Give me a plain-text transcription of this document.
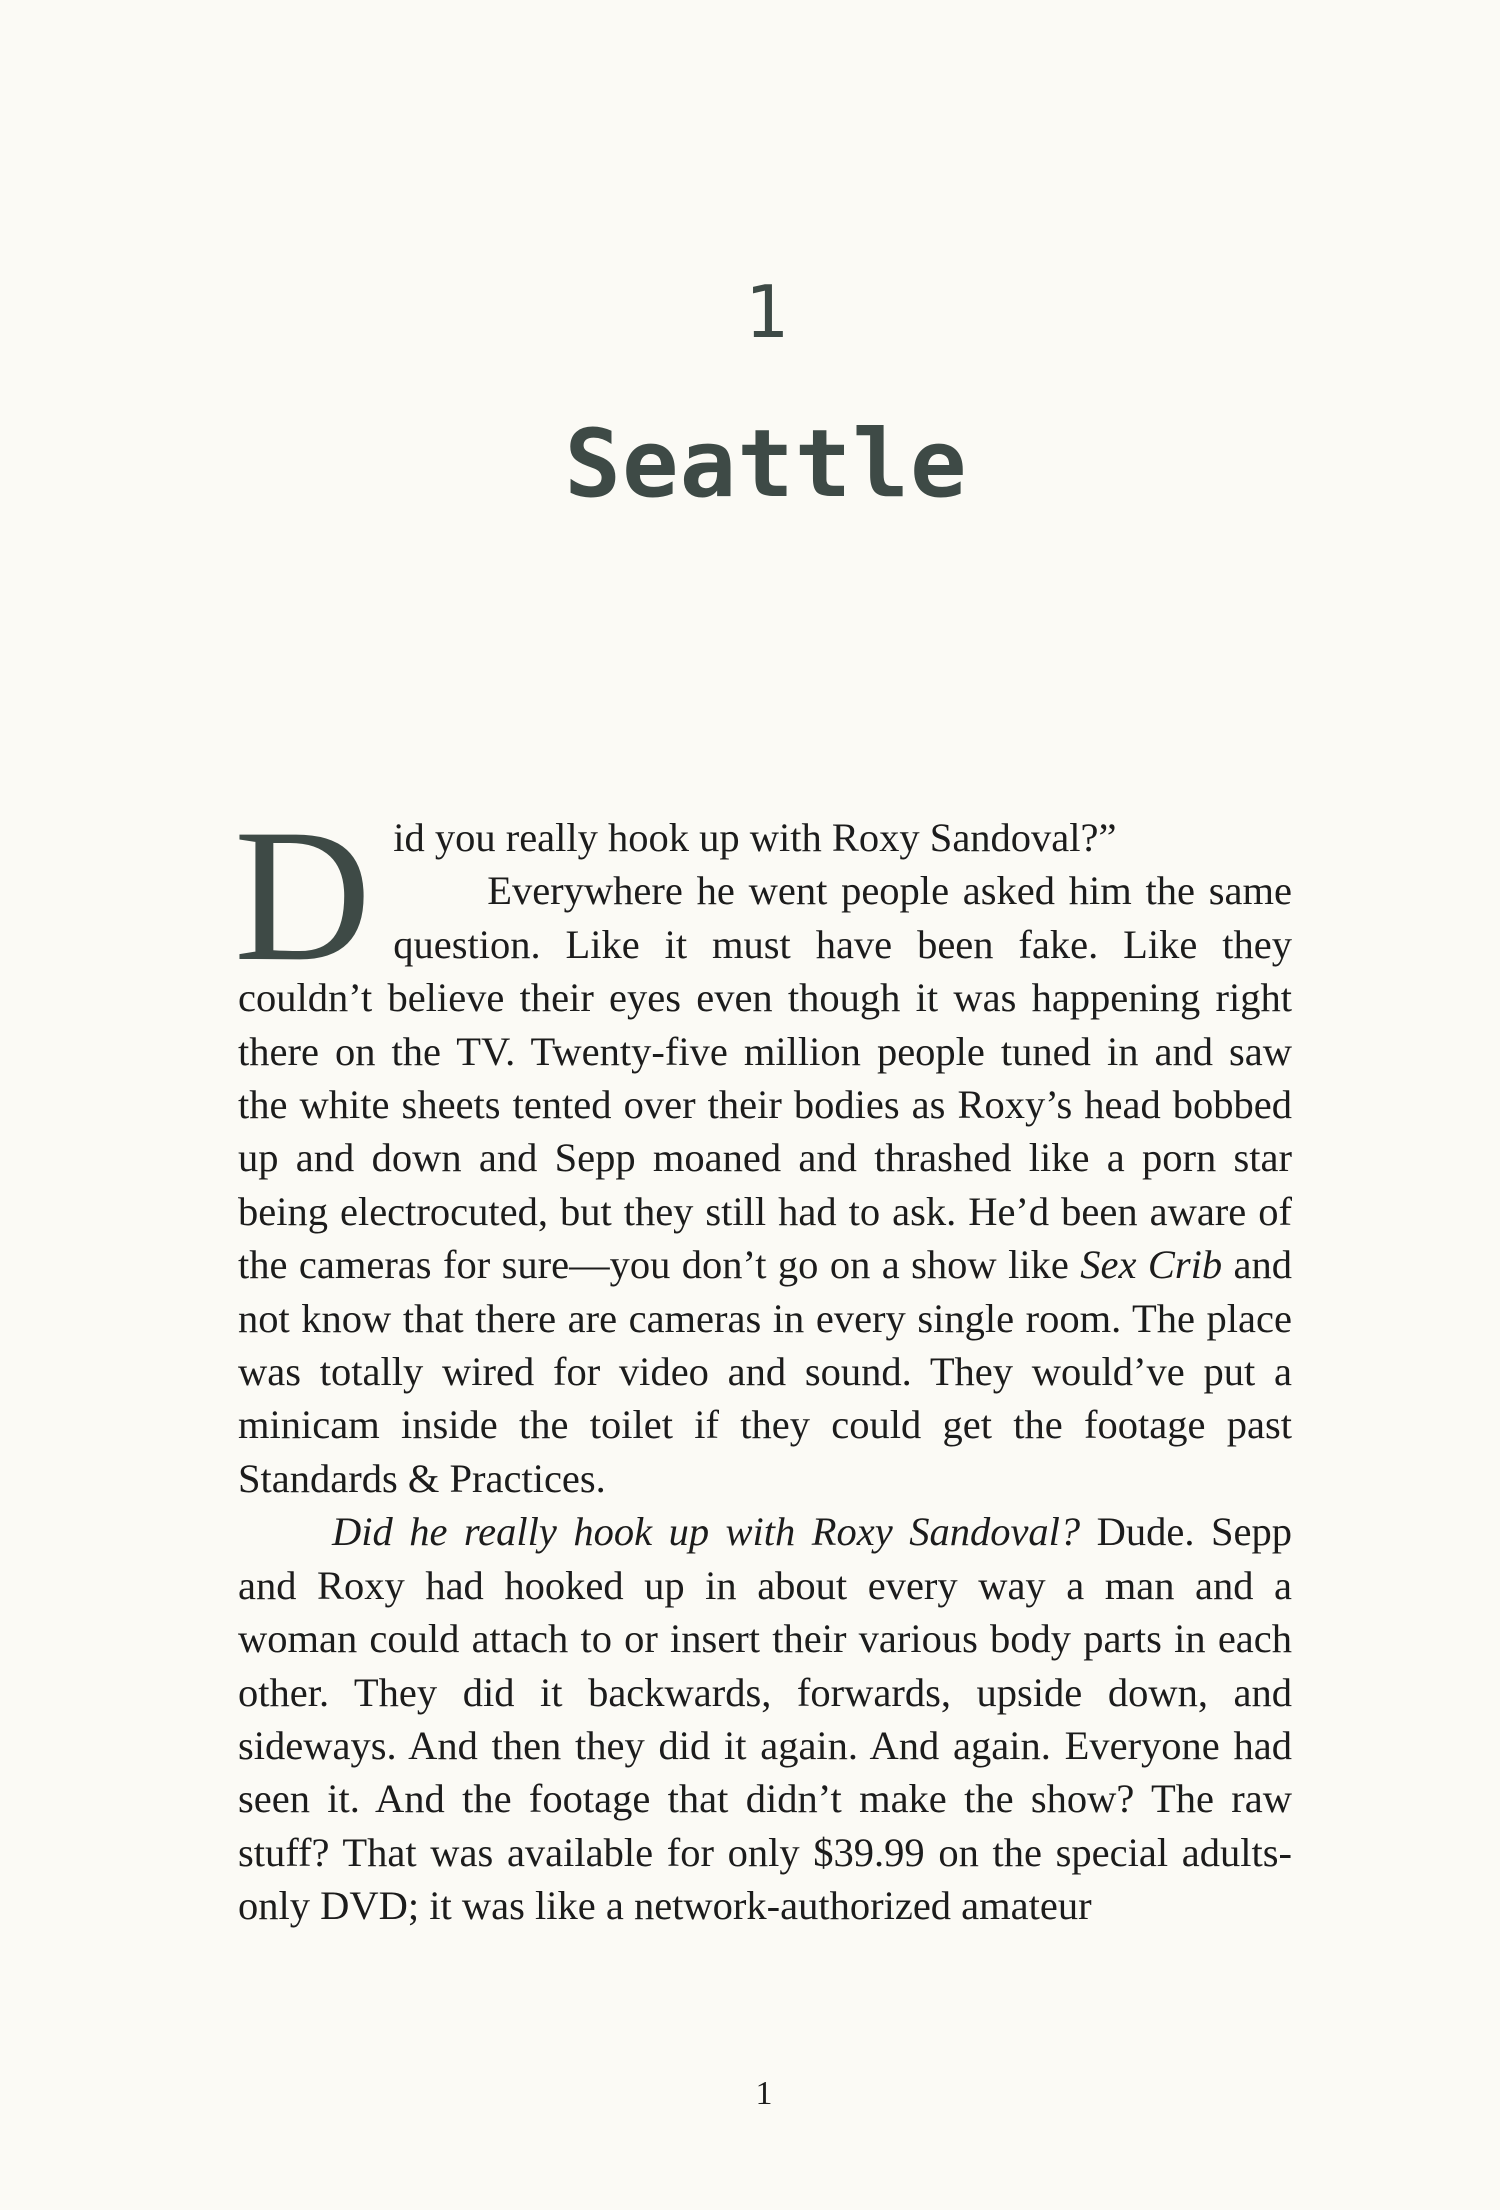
1
Seattle

Did you really hook up with Roxy Sandoval?”
Everywhere he went people asked him the same question. Like it must have been fake. Like they couldn’t believe their eyes even though it was happening right there on the TV. Twenty-five million people tuned in and saw the white sheets tented over their bodies as Roxy’s head bobbed up and down and Sepp moaned and thrashed like a porn star being electrocuted, but they still had to ask. He’d been aware of the cameras for sure—you don’t go on a show like Sex Crib and not know that there are cameras in every single room. The place was totally wired for video and sound. They would’ve put a minicam inside the toilet if they could get the footage past Standards & Practices.

Did he really hook up with Roxy Sandoval? Dude. Sepp and Roxy had hooked up in about every way a man and a woman could attach to or insert their various body parts in each other. They did it backwards, forwards, upside down, and sideways. And then they did it again. And again. Everyone had seen it. And the footage that didn’t make the show? The raw stuff? That was available for only $39.99 on the special adults-only DVD; it was like a network-authorized amateur

1
